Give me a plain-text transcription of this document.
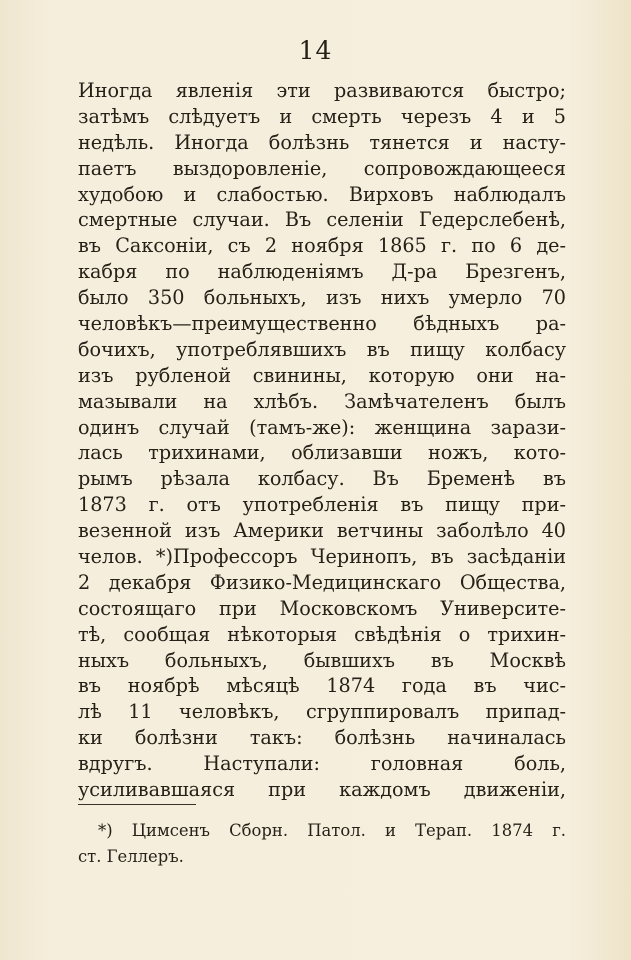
14
Иногда явленія эти развиваются быстро;
затѣмъ слѣдуетъ и смерть черезъ 4 и 5
недѣль. Иногда болѣзнь тянется и насту-
паетъ выздоровленіе, сопровождающееся
худобою и слабостью. Вирховъ наблюдалъ
смертные случаи. Въ селеніи Гедерслебенѣ,
въ Саксоніи, съ 2 ноября 1865 г. по 6 де-
кабря по наблюденіямъ Д-ра Брезгенъ,
было 350 больныхъ, изъ нихъ умерло 70
человѣкъ—преимущественно бѣдныхъ ра-
бочихъ, употреблявшихъ въ пищу колбасу
изъ рубленой свинины, которую они на-
мазывали на хлѣбъ. Замѣчателенъ былъ
одинъ случай (тамъ-же): женщина зарази-
лась трихинами, облизавши ножъ, кото-
рымъ рѣзала колбасу. Въ Бременѣ въ
1873 г. отъ употребленія въ пищу при-
везенной изъ Америки ветчины заболѣло 40
челов. *)Профессоръ Черинопъ, въ засѣданіи
2 декабря Физико-Медицинскаго Общества,
состоящаго при Московскомъ Университе-
тѣ, сообщая нѣкоторыя свѣдѣнія о трихин-
ныхъ больныхъ, бывшихъ въ Москвѣ
въ ноябрѣ мѣсяцѣ 1874 года въ чис-
лѣ 11 человѣкъ, сгруппировалъ припад-
ки болѣзни такъ: болѣзнь начиналась
вдругъ. Наступали: головная боль,
усиливавшаяся при каждомъ движеніи,
*) Цимсенъ Сборн. Патол. и Терап. 1874 г.
ст. Геллеръ.
